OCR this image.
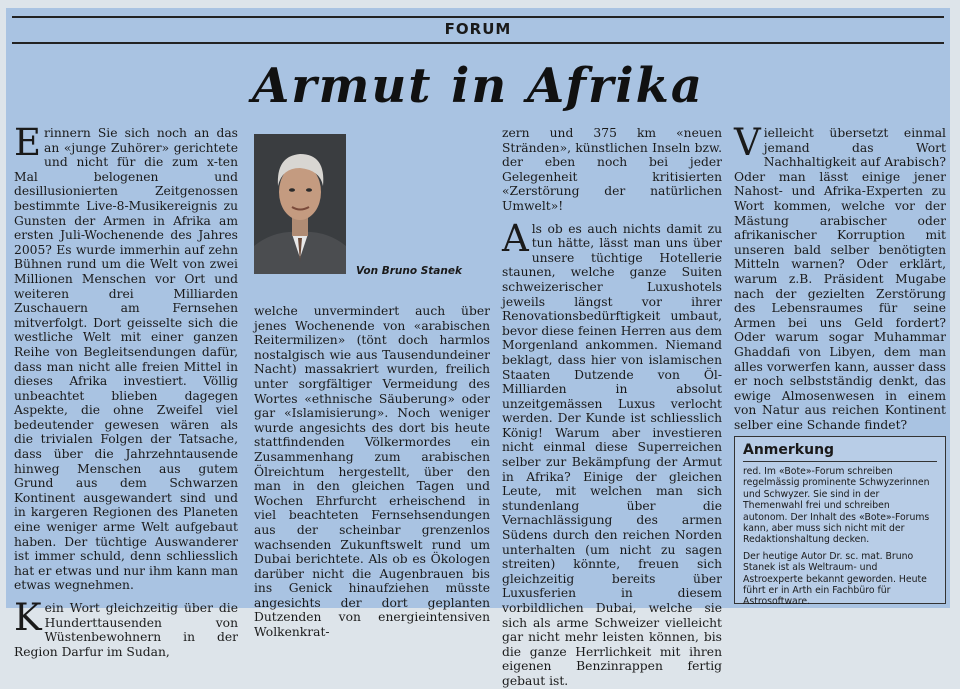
FORUM
Armut in Afrika

Erinnern Sie sich noch an das an «junge Zuhörer» gerichtete und nicht für die zum x-ten Mal belogenen und desillusionierten Zeitgenossen bestimmte Live-8-Musikereignis zu Gunsten der Armen in Afrika am ersten Juli-Wochenende des Jahres 2005? Es wurde immerhin auf zehn Bühnen rund um die Welt von zwei Millionen Menschen vor Ort und weiteren drei Milliarden Zuschauern am Fernsehen mitverfolgt. Dort geisselte sich die westliche Welt mit einer ganzen Reihe von Begleitsendungen dafür, dass man nicht alle freien Mittel in dieses Afrika investiert. Völlig unbeachtet blieben dagegen Aspekte, die ohne Zweifel viel bedeutender gewesen wären als die trivialen Folgen der Tatsache, dass über die Jahrzehntausende hinweg Menschen aus gutem Grund aus dem Schwarzen Kontinent ausgewandert sind und in kargeren Regionen des Planeten eine weniger arme Welt aufgebaut haben. Der tüchtige Auswanderer ist immer schuld, denn schliesslich hat er etwas und nur ihm kann man etwas wegnehmen.

Kein Wort gleichzeitig über die Hunderttausenden von Wüstenbewohnern in der Region Darfur im Sudan,

Von Bruno Stanek

welche unvermindert auch über jenes Wochenende von «arabischen Reitermilizen» (tönt doch harmlos nostalgisch wie aus Tausendundeiner Nacht) massakriert wurden, freilich unter sorgfältiger Vermeidung des Wortes «ethnische Säuberung» oder gar «Islamisierung». Noch weniger wurde angesichts des dort bis heute stattfindenden Völkermordes ein Zusammenhang zum arabischen Ölreichtum hergestellt, über den man in den gleichen Tagen und Wochen Ehrfurcht erheischend in viel beachteten Fernsehsendungen aus der scheinbar grenzenlos wachsenden Zukunftswelt rund um Dubai berichtete. Als ob es Ökologen darüber nicht die Augenbrauen bis ins Genick hinaufziehen müsste angesichts der dort geplanten Dutzenden von energieintensiven Wolkenkrat-

zern und 375 km «neuen Stränden», künstlichen Inseln bzw. der eben noch bei jeder Gelegenheit kritisierten «Zerstörung der natürlichen Umwelt»!

Als ob es auch nichts damit zu tun hätte, lässt man uns über unsere tüchtige Hotellerie staunen, welche ganze Suiten schweizerischer Luxushotels jeweils längst vor ihrer Renovationsbedürftigkeit umbaut, bevor diese feinen Herren aus dem Morgenland ankommen. Niemand beklagt, dass hier von islamischen Staaten Dutzende von Öl-Milliarden in absolut unzeitgemässen Luxus verlocht werden. Der Kunde ist schliesslich König! Warum aber investieren nicht einmal diese Superreichen selber zur Bekämpfung der Armut in Afrika? Einige der gleichen Leute, mit welchen man sich stundenlang über die Vernachlässigung des armen Südens durch den reichen Norden unterhalten (um nicht zu sagen streiten) könnte, freuen sich gleichzeitig bereits über Luxusferien in diesem vorbildlichen Dubai, welche sie sich als arme Schweizer vielleicht gar nicht mehr leisten können, bis die ganze Herrlichkeit mit ihren eigenen Benzinrappen fertig gebaut ist.

Vielleicht übersetzt einmal jemand das Wort Nachhaltigkeit auf Arabisch? Oder man lässt einige jener Nahost- und Afrika-Experten zu Wort kommen, welche vor der Mästung arabischer oder afrikanischer Korruption mit unseren bald selber benötigten Mitteln warnen? Oder erklärt, warum z.B. Präsident Mugabe nach der gezielten Zerstörung des Lebensraumes für seine Armen bei uns Geld fordert? Oder warum sogar Muhammar Ghaddafi von Libyen, dem man alles vorwerfen kann, ausser dass er noch selbstständig denkt, das ewige Almosenwesen in einem von Natur aus reichen Kontinent selber eine Schande findet?

Anmerkung

red. Im «Bote»-Forum schreiben regelmässig prominente Schwyzerinnen und Schwyzer. Sie sind in der Themenwahl frei und schreiben autonom. Der Inhalt des «Bote»-Forums kann, aber muss sich nicht mit der Redaktionshaltung decken.

Der heutige Autor Dr. sc. mat. Bruno Stanek ist als Weltraum- und Astroexperte bekannt geworden. Heute führt er in Arth ein Fachbüro für Astrosoftware.
